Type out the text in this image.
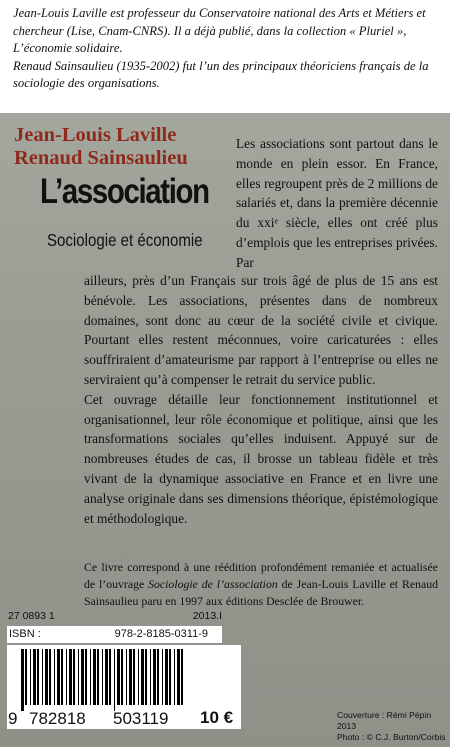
Jean-Louis Laville est professeur du Conservatoire national des Arts et Métiers et chercheur (Lise, Cnam-CNRS). Il a déjà publié, dans la collection « Pluriel », L’économie solidaire.

Renaud Sainsaulieu (1935-2002) fut l’un des principaux théoriciens français de la sociologie des organisations.

Jean-Louis Laville
Renaud Sainsaulieu
L’association
Sociologie et économie
Les associations sont partout dans le monde en plein essor. En France, elles regroupent près de 2 millions de salariés et, dans la première décennie du xxiᵉ siècle, elles ont créé plus d’emplois que les entreprises privées. Par

ailleurs, près d’un Français sur trois âgé de plus de 15 ans est bénévole. Les associations, présentes dans de nombreux domaines, sont donc au cœur de la société civile et civique. Pourtant elles restent méconnues, voire caricaturées : elles souffriraient d’amateurisme par rapport à l’entreprise ou elles ne serviraient qu’à compenser le retrait du service public.

Cet ouvrage détaille leur fonctionnement institutionnel et organisationnel, leur rôle économique et politique, ainsi que les transformations sociales qu’elles induisent. Appuyé sur de nombreuses études de cas, il brosse un tableau fidèle et très vivant de la dynamique associative en France et en livre une analyse originale dans ses dimensions théorique, épistémologique et méthodologique.

Ce livre correspond à une réédition profondément remaniée et actualisée de l’ouvrage Sociologie de l’association de Jean-Louis Laville et Renaud Sainsaulieu paru en 1997 aux éditions Desclée de Brouwer.
27 0893 1	2013.I
ISBN :	978-2-8185-0311-9
9 782818 503119 10 €	Couverture : Rémi Pépin 2013
Photo : © C.J. Burton/Corbis
